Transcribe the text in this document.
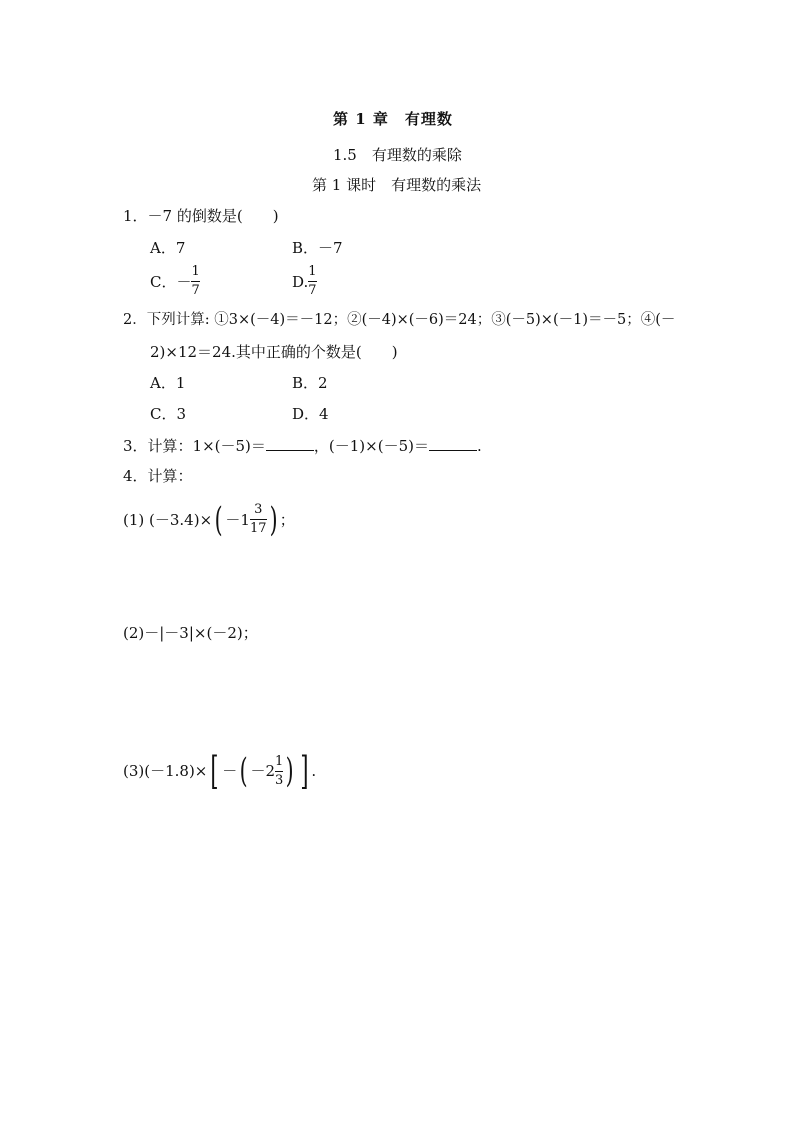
第 1 章　有理数
1.5　有理数的乘除
第 1 课时　有理数的乘法
1．－7 的倒数是(　　)
A．7	B．－7
C．－ $\frac{1}{7}$	D. $\frac{1}{7}$
2．下列计算: ①3×(－4)＝－12；②(－4)×(－6)＝24；③(－5)×(－1)＝－5；④(－
2)×12＝24.其中正确的个数是(　　)
A．1	B．2
C．3	D．4
3．计算：1×(－5)＝	，(－1)×(－5)＝	.
4．计算：
(1) (－3.4)× ( $-1 \frac{3}{17}$ ) ；
(2)－|－3|×(－2)；
(3)(－1.8)× [ － ( $-2 \frac{1}{3}$ ) ] .
